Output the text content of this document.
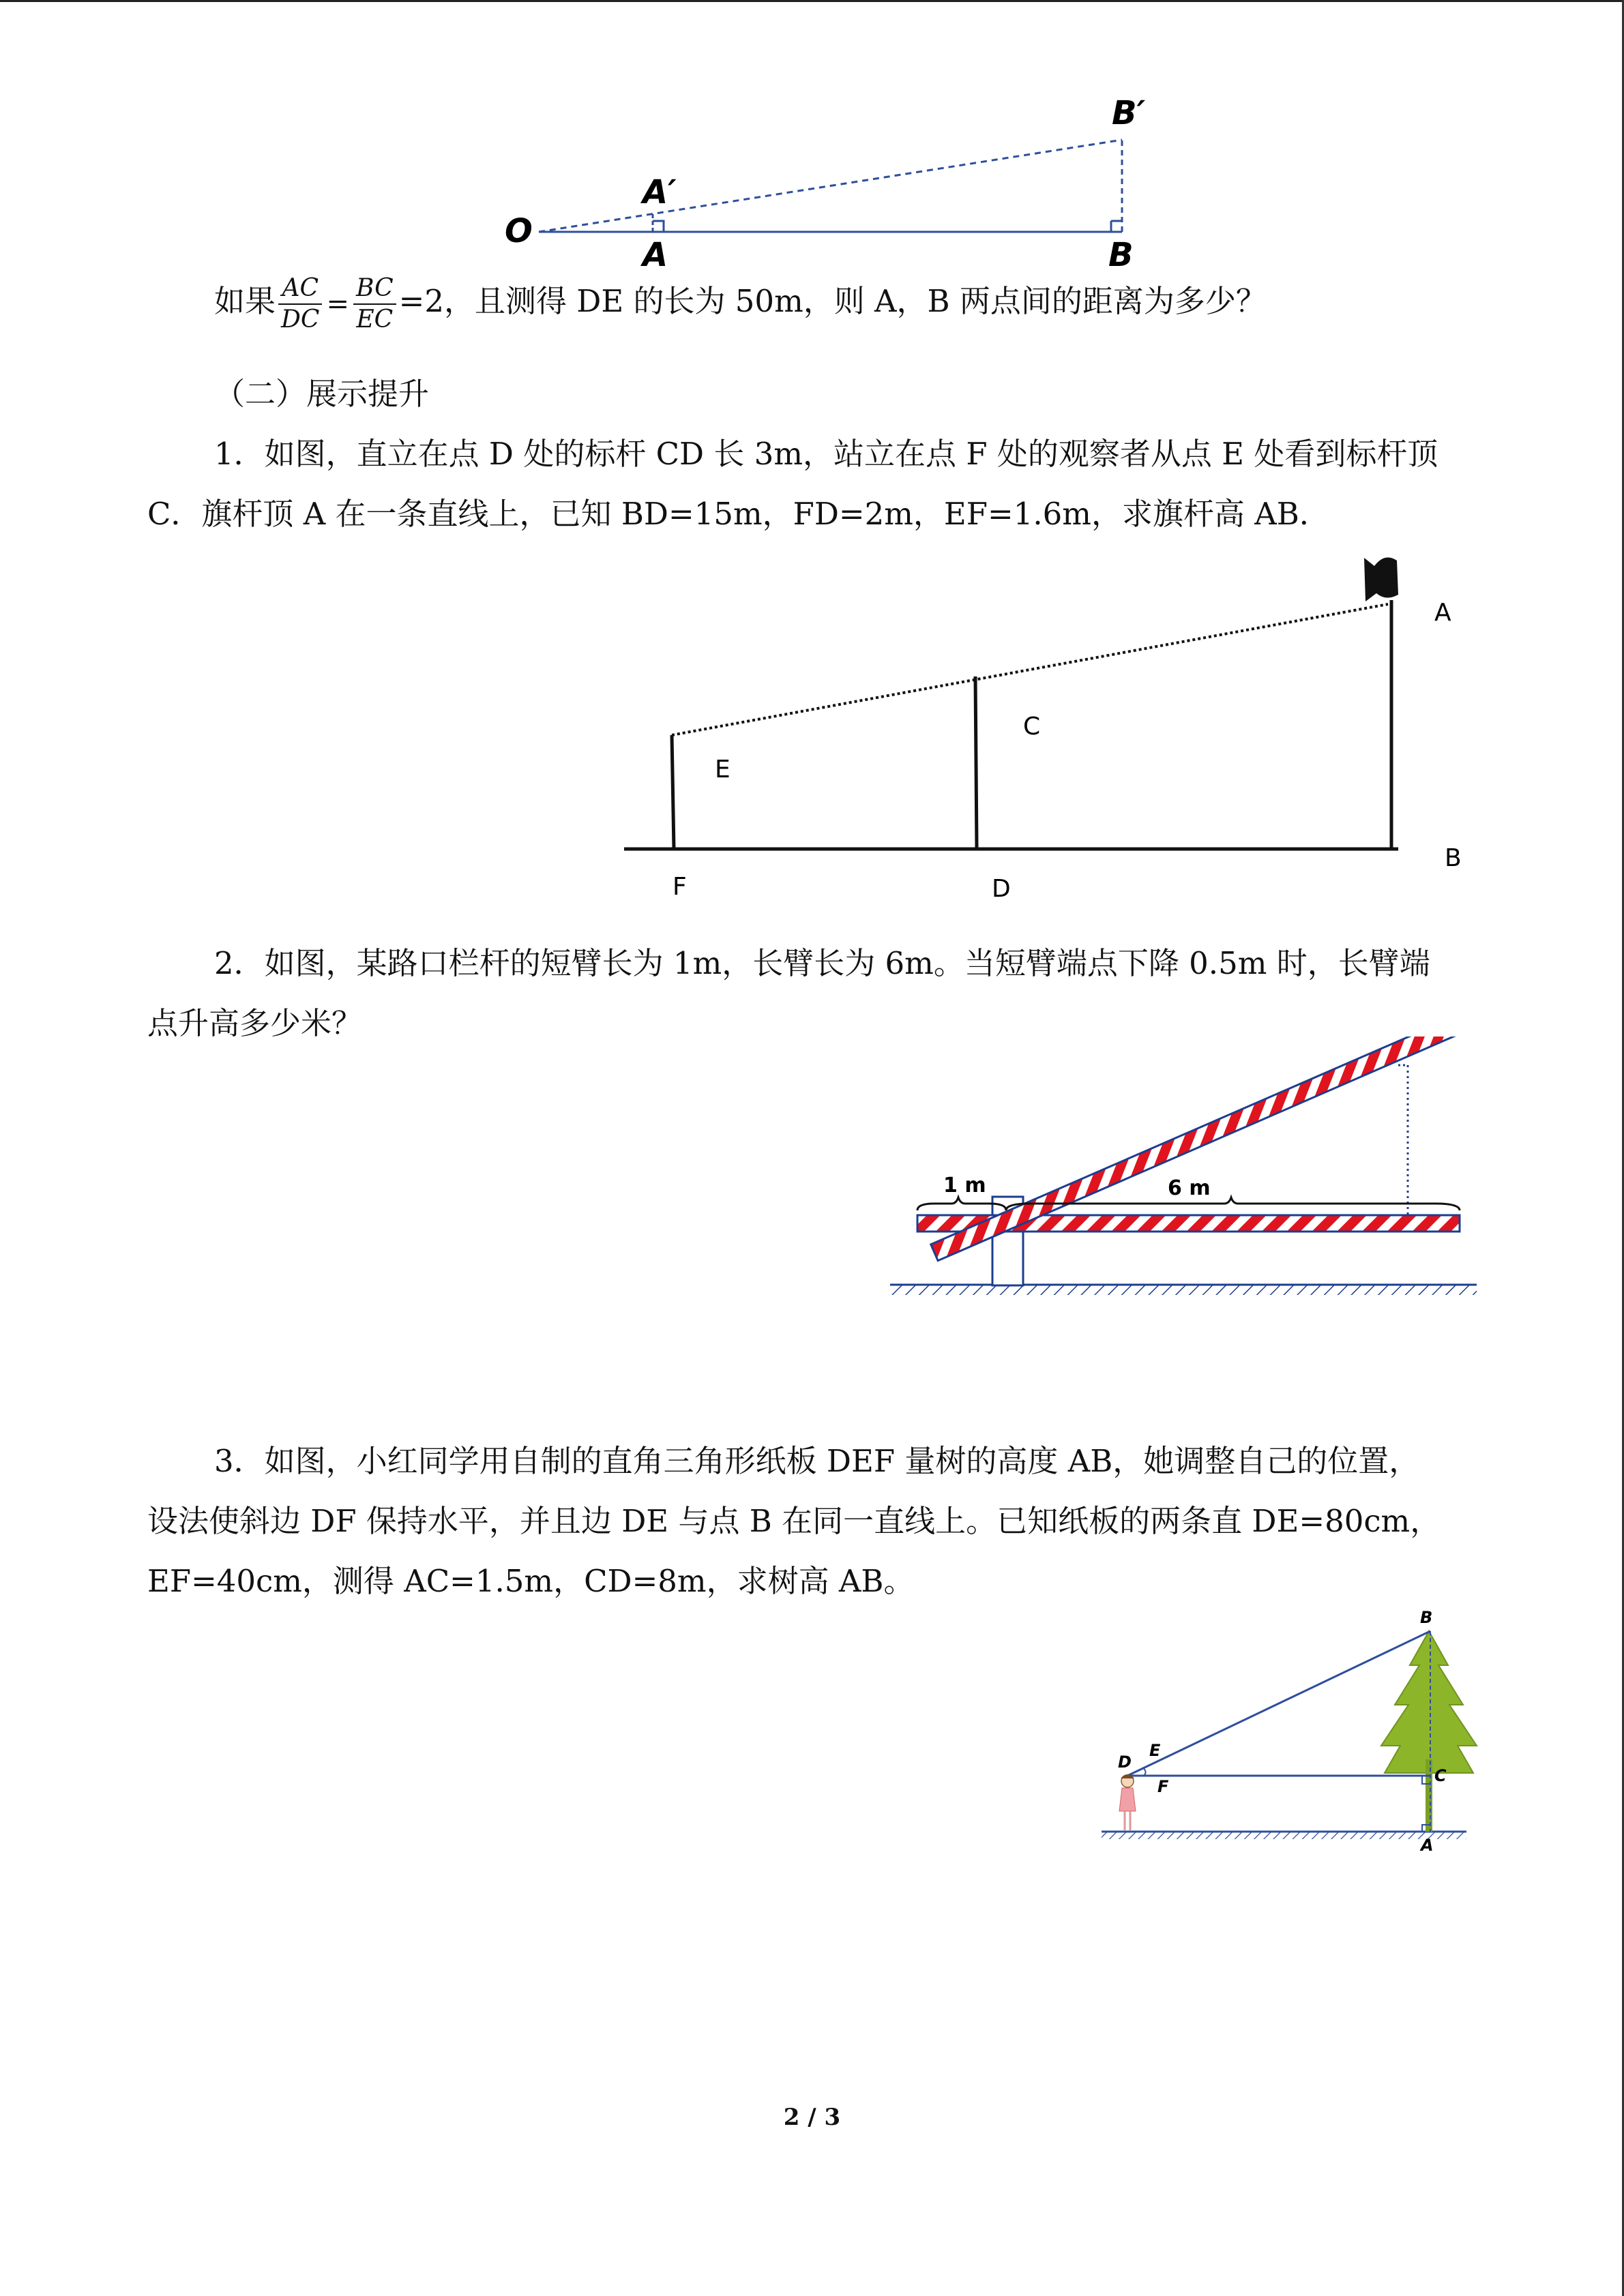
O
A	B
A′
B′
如果 $\frac{AC}{DC} = \frac{BC}{EC} =2$，且测得 DE 的长为 50m，则 A，B 两点间的距离为多少？
（二）展示提升
1．如图，直立在点 D 处的标杆 CD 长 3m，站立在点 F 处的观察者从点 E 处看到标杆顶
C．旗杆顶 A 在一条直线上，已知 BD=15m，FD=2m，EF=1.6m，求旗杆高 AB．
A
B
C
D
E
F
2．如图，某路口栏杆的短臂长为 1m，长臂长为 6m。当短臂端点下降 0.5m 时，长臂端
点升高多少米？
1 m	6 m
3．如图，小红同学用自制的直角三角形纸板 DEF 量树的高度 AB，她调整自己的位置，
设法使斜边 DF 保持水平，并且边 DE 与点 B 在同一直线上。已知纸板的两条直 DE=80cm，
EF=40cm，测得 AC=1.5m，CD=8m，求树高 AB。
B
C
A
D
E
F
2 / 3
